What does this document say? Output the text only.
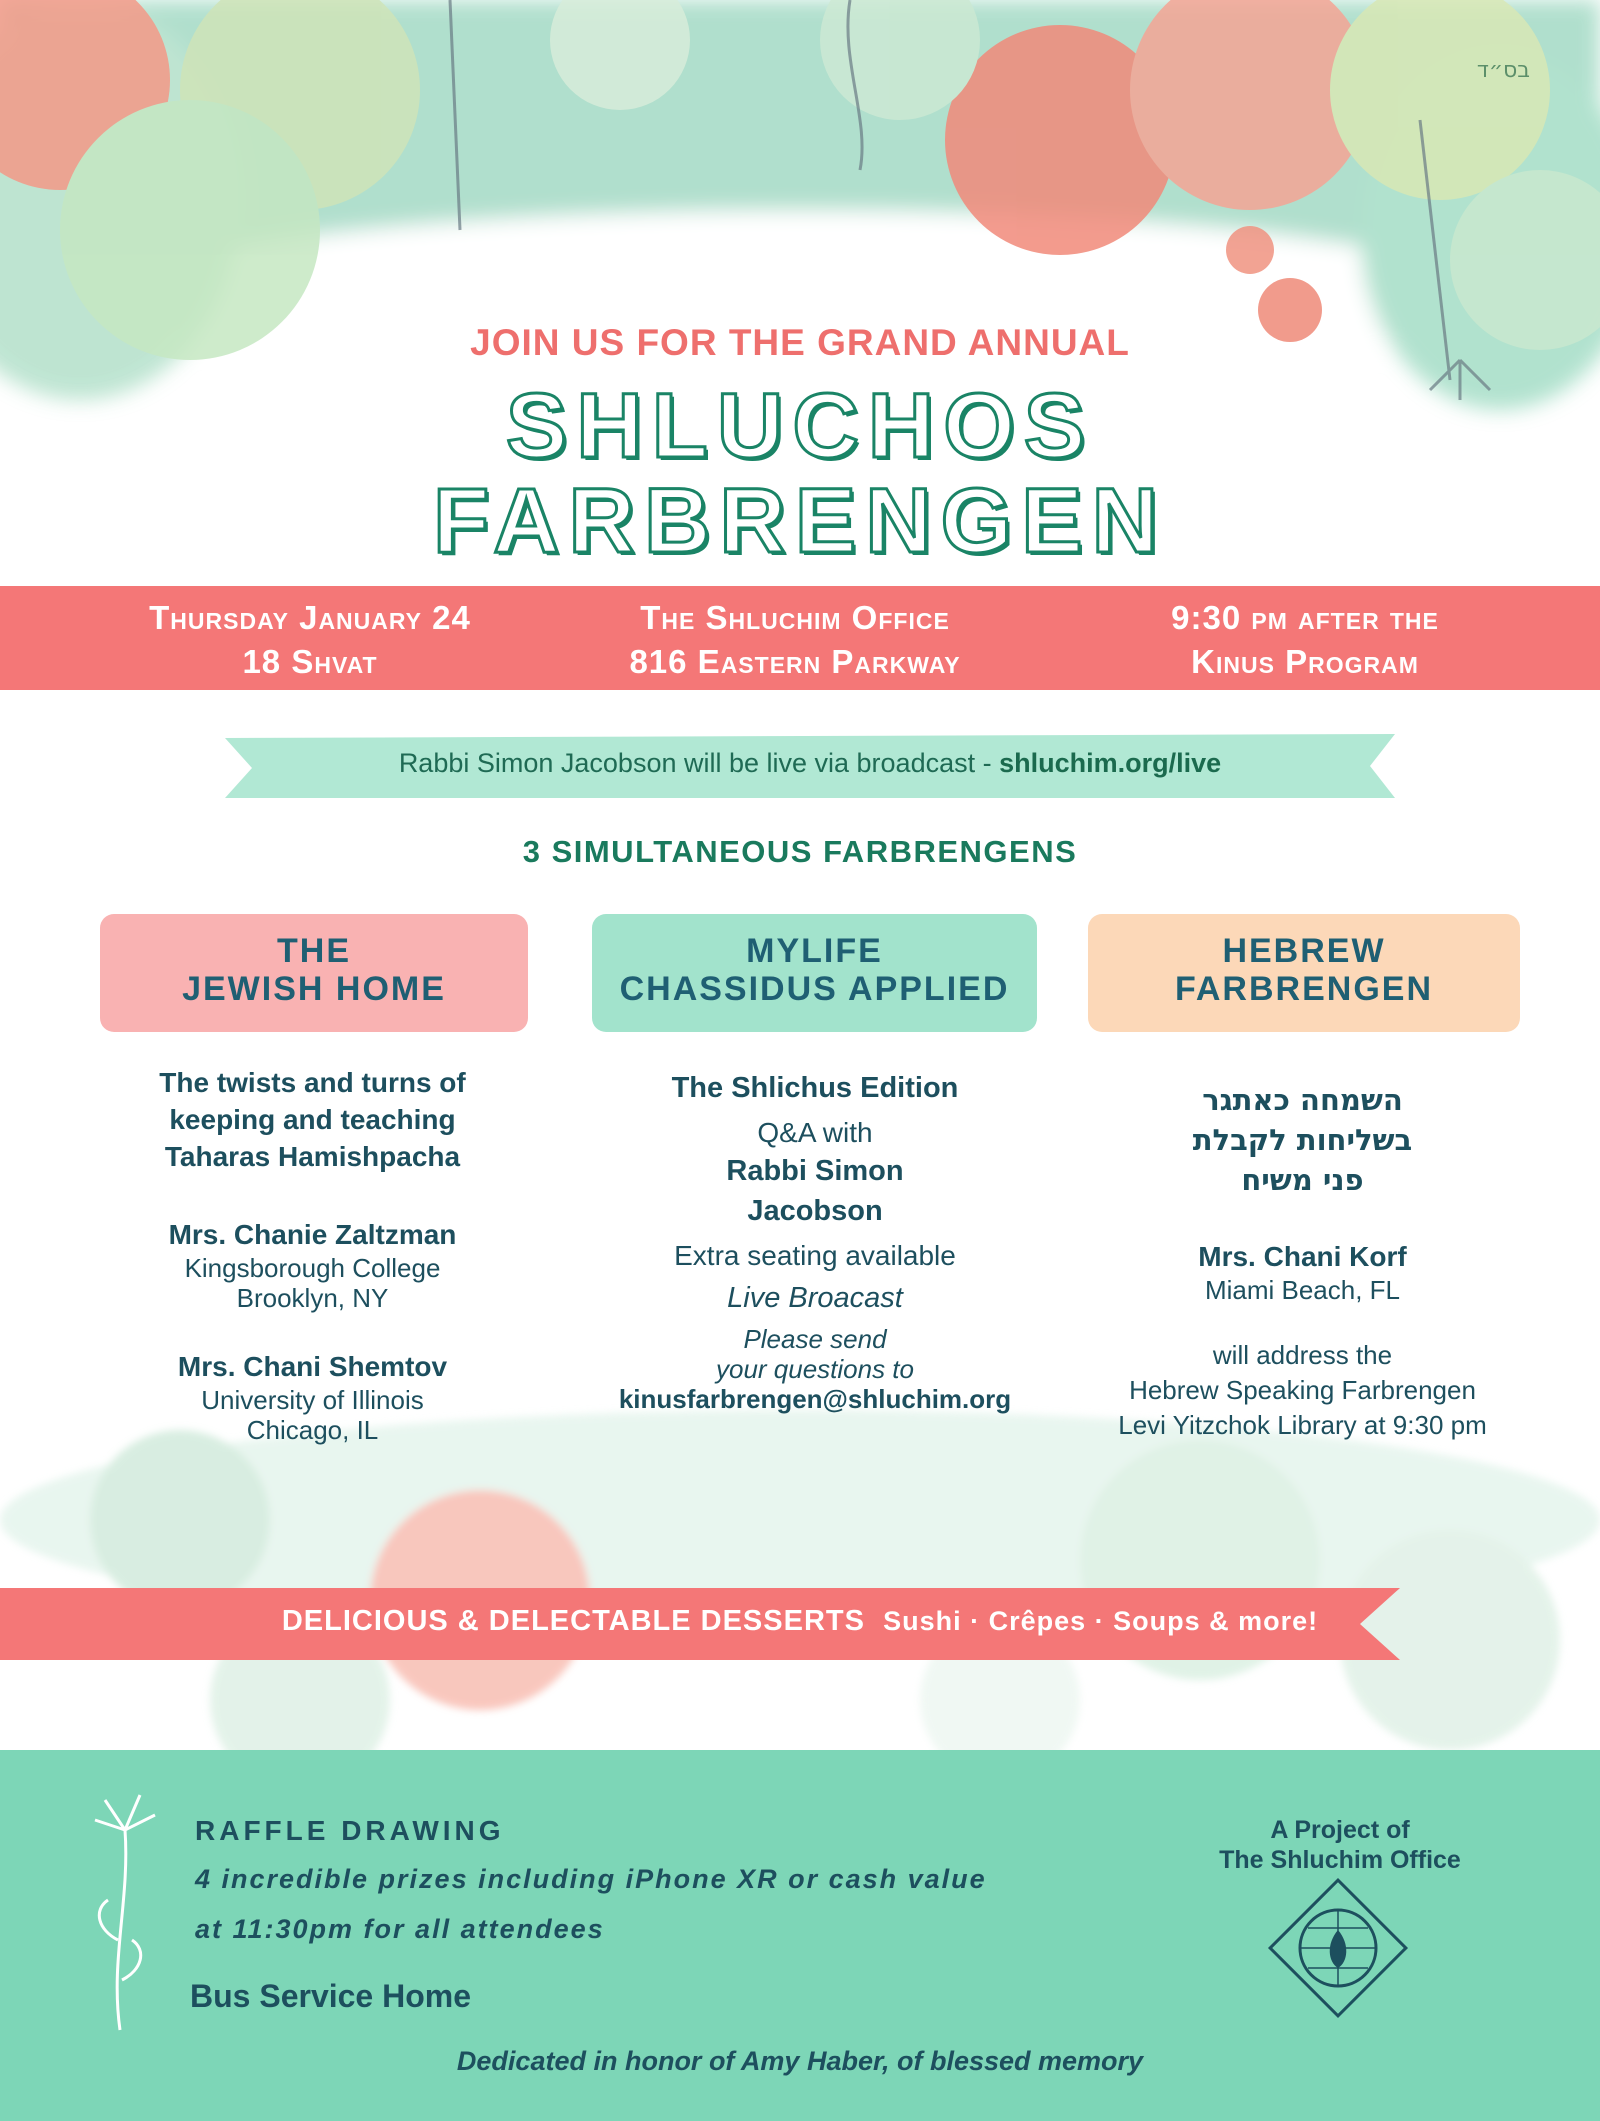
בס״ד
JOIN US FOR THE GRAND ANNUAL
SHLUCHOS
FARBRENGEN
Thursday January 24
18 Shvat
The Shluchim Office
816 Eastern Parkway
9:30 pm after the
Kinus Program
Rabbi Simon Jacobson will be live via broadcast - shluchim.org/live
3 SIMULTANEOUS FARBRENGENS
THE
JEWISH HOME
MYLIFE
CHASSIDUS APPLIED
HEBREW
FARBRENGEN
The twists and turns of
keeping and teaching
Taharas Hamishpacha
Mrs. Chanie Zaltzman
Kingsborough College
Brooklyn, NY
Mrs. Chani Shemtov
University of Illinois
Chicago, IL
The Shlichus Edition
Q&A with
Rabbi Simon
Jacobson
Extra seating available
Live Broacast
Please send
your questions to
kinusfarbrengen@shluchim.org
השמחה כאתגר
בשליחות לקבלת
פני משיח
Mrs. Chani Korf
Miami Beach, FL
will address the
Hebrew Speaking Farbrengen
Levi Yitzchok Library at 9:30 pm
DELICIOUS & DELECTABLE DESSERTS Sushi · Crêpes · Soups & more!
RAFFLE DRAWING
4 incredible prizes including iPhone XR or cash value
at 11:30pm for all attendees
Bus Service Home
A Project of
The Shluchim Office
Dedicated in honor of Amy Haber, of blessed memory
